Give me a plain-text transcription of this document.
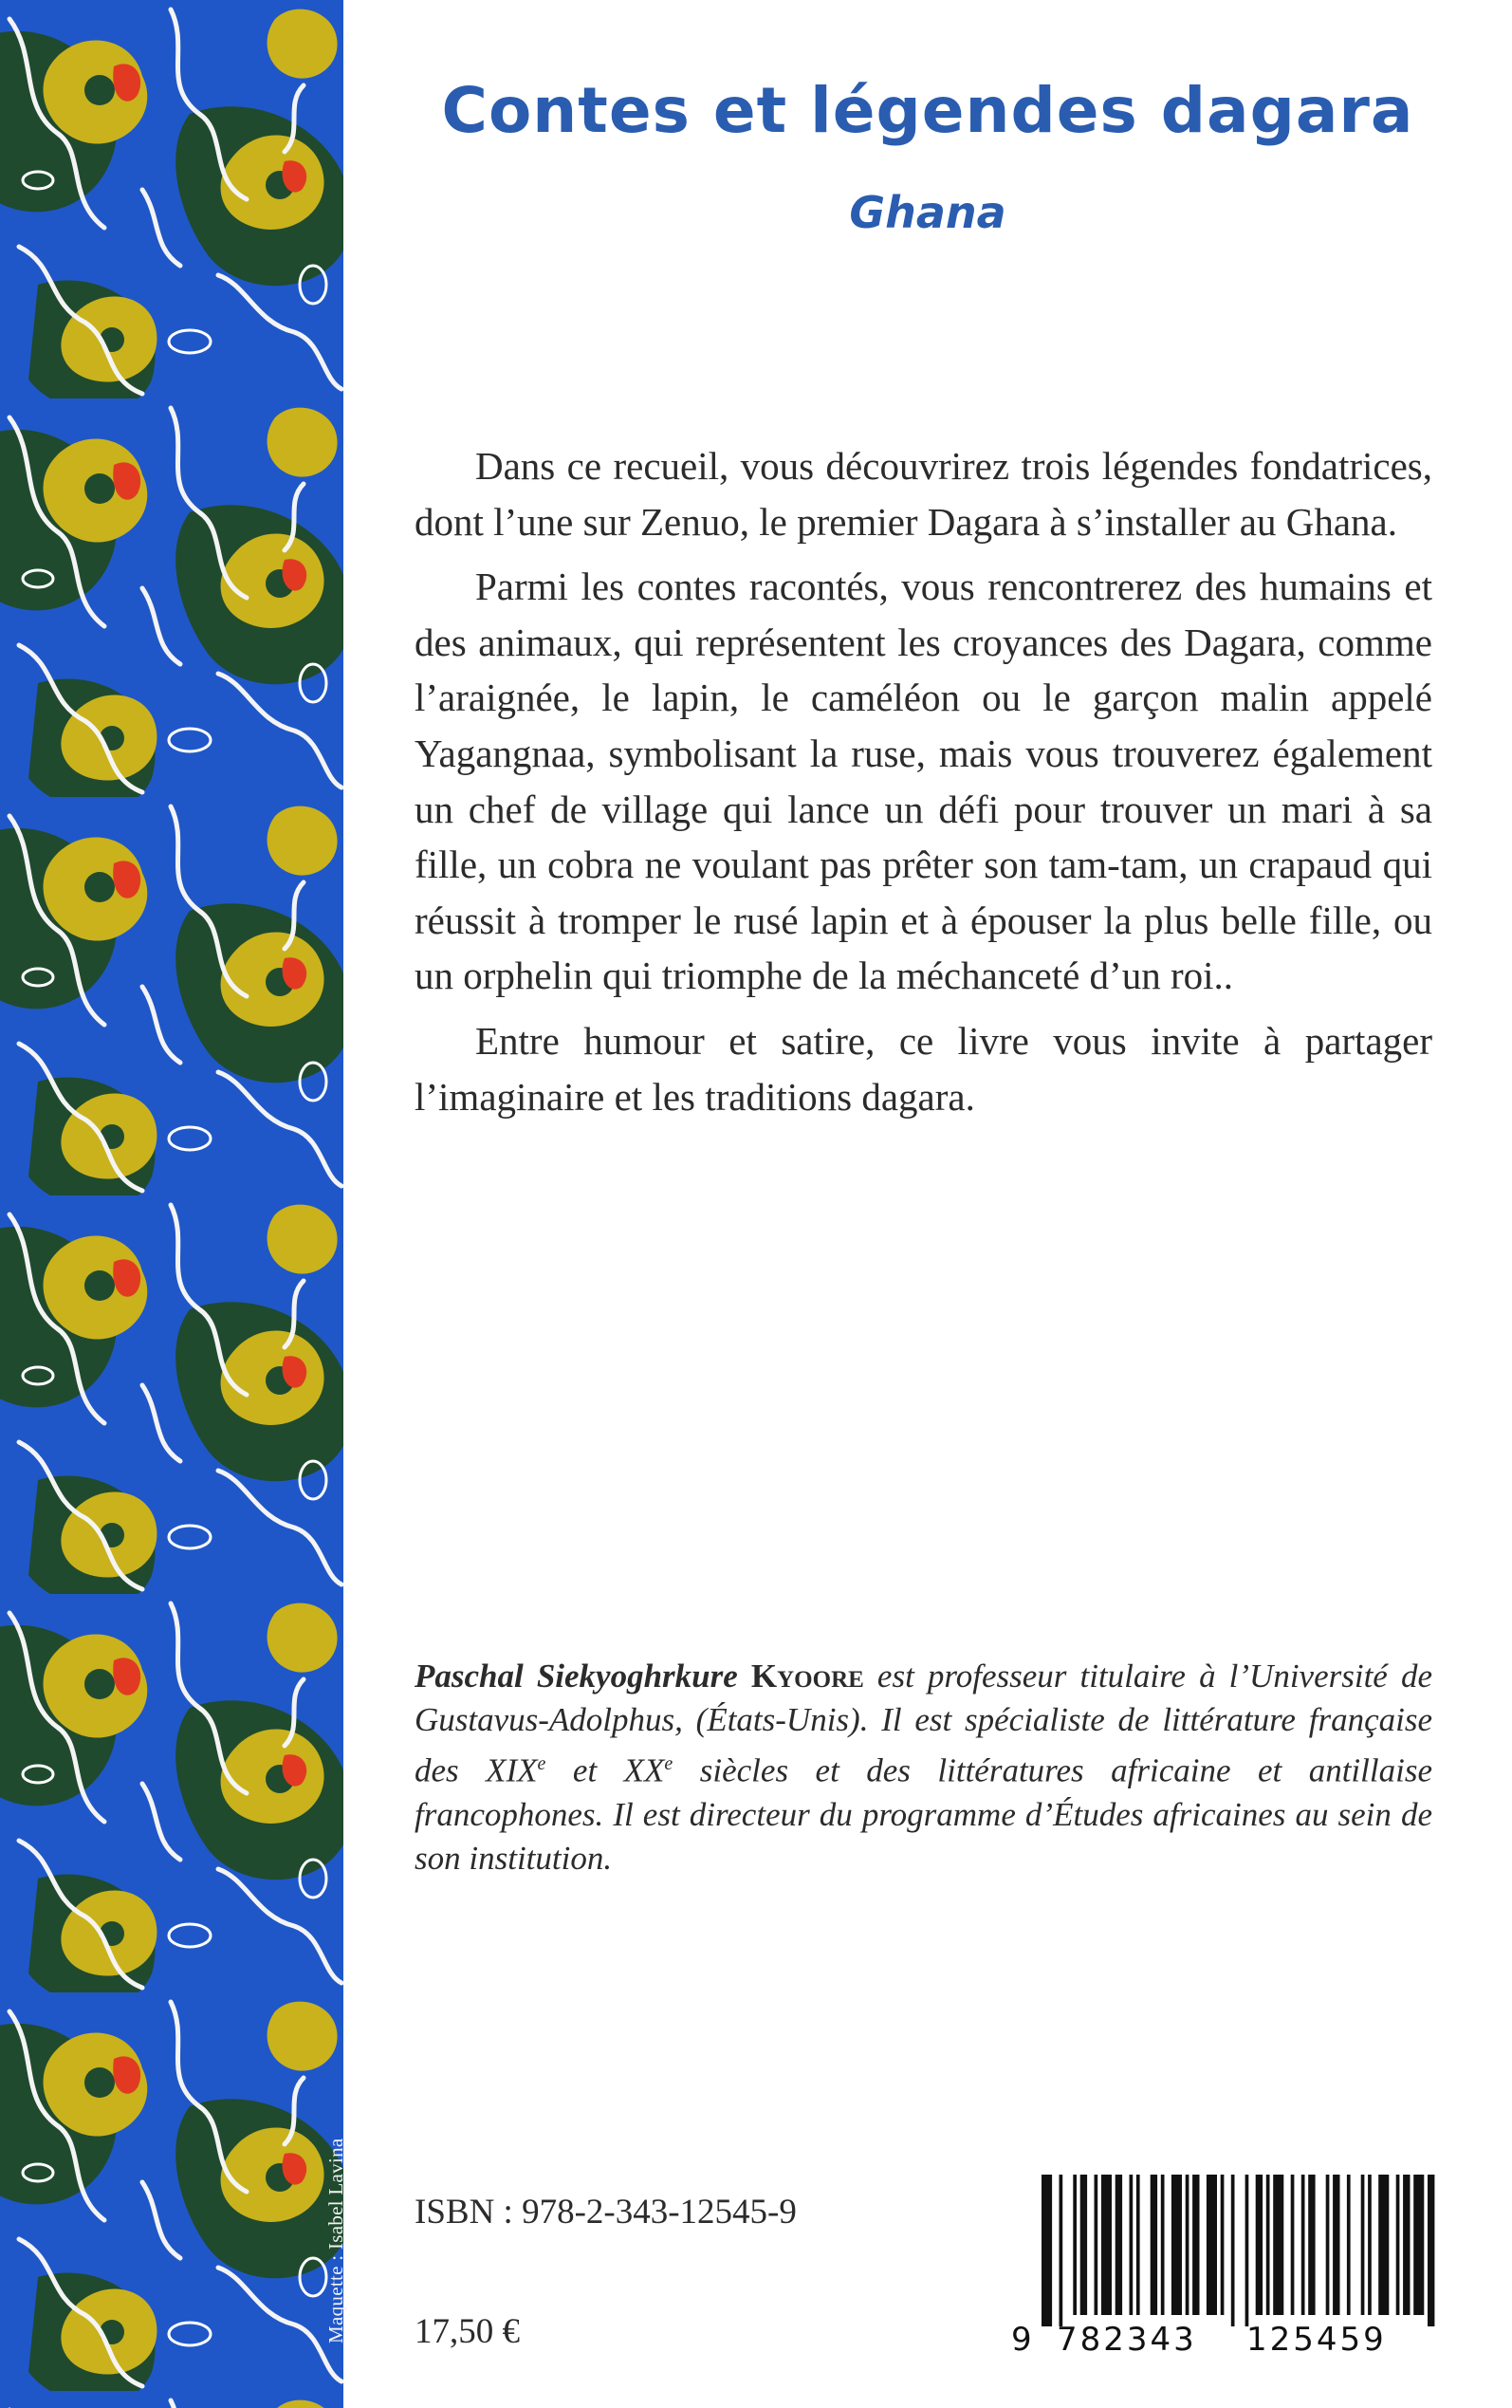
Maquette : Isabel Lavina
Contes et légendes dagara
Ghana

Dans ce recueil, vous découvrirez trois légendes fondatrices, dont l’une sur Zenuo, le premier Dagara à s’installer au Ghana.

Parmi les contes racontés, vous rencontrerez des humains et des animaux, qui représentent les croyances des Dagara, comme l’araignée, le lapin, le caméléon ou le garçon malin appelé Yagangnaa, symbolisant la ruse, mais vous trouverez également un chef de village qui lance un défi pour trouver un mari à sa fille, un cobra ne voulant pas prêter son tam-tam, un crapaud qui réussit à tromper le rusé lapin et à épouser la plus belle fille, ou un orphelin qui triomphe de la méchanceté d’un roi..

Entre humour et satire, ce livre vous invite à partager l’imaginaire et les traditions dagara.

Paschal Siekyoghrkure Kyoore est professeur titulaire à l’Université de Gustavus-Adolphus, (États-Unis). Il est spécialiste de littérature française des XIXe et XXe siècles et des littératures africaine et antillaise francophones. Il est directeur du programme d’Études africaines au sein de son institution.

ISBN : 978-2-343-12545-9
17,50 €	9 782343 125459
